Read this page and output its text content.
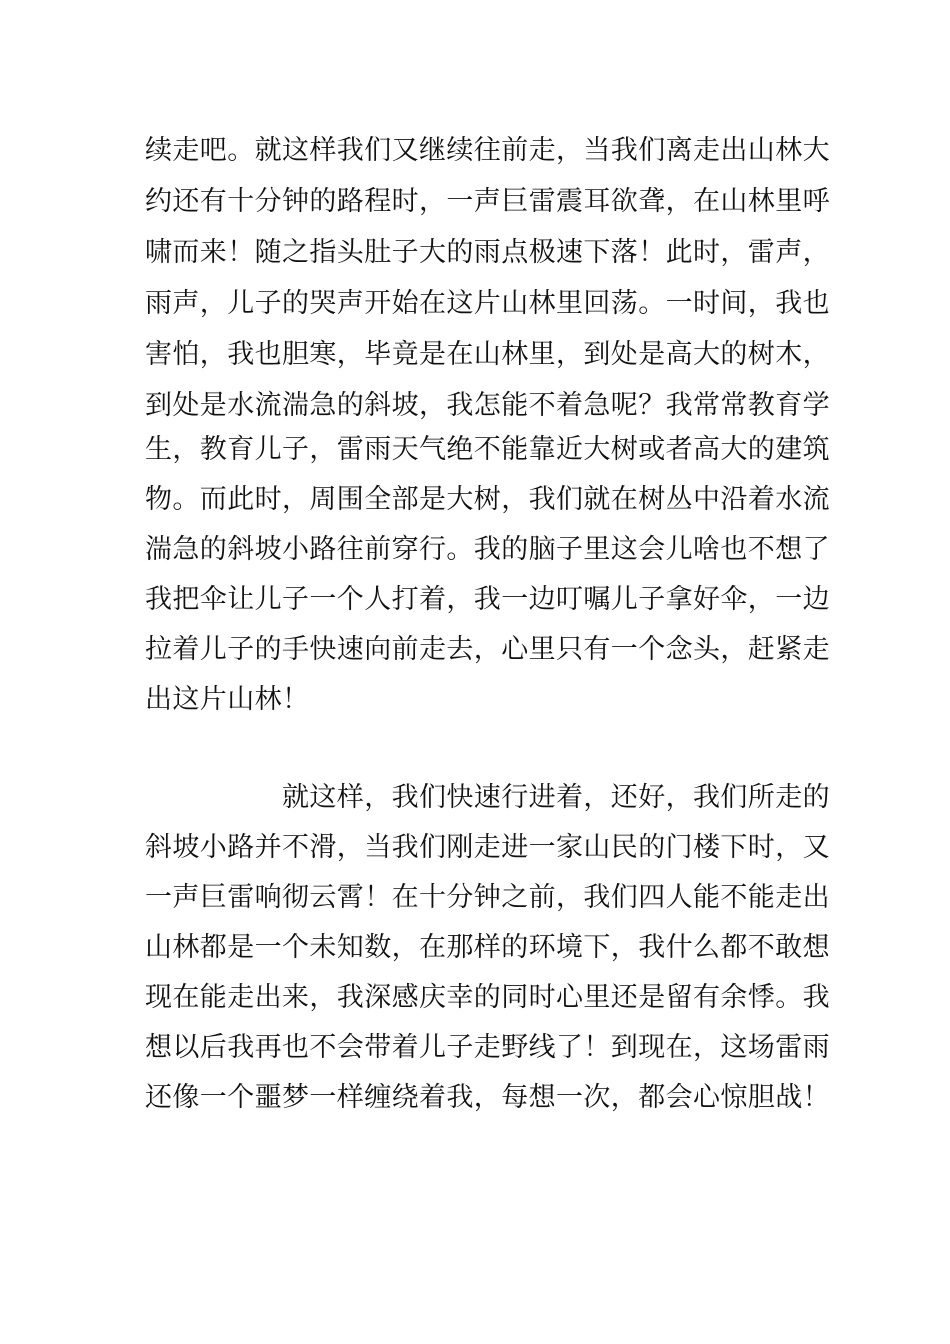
续走吧。就这样我们又继续往前走，当我们离走出山林大
约还有十分钟的路程时，一声巨雷震耳欲聋，在山林里呼
啸而来！随之指头肚子大的雨点极速下落！此时，雷声，
雨声，儿子的哭声开始在这片山林里回荡。一时间，我也
害怕，我也胆寒，毕竟是在山林里，到处是高大的树木，
到处是水流湍急的斜坡，我怎能不着急呢？我常常教育学
生，教育儿子，雷雨天气绝不能靠近大树或者高大的建筑
物。而此时，周围全部是大树，我们就在树丛中沿着水流
湍急的斜坡小路往前穿行。我的脑子里这会儿啥也不想了
我把伞让儿子一个人打着，我一边叮嘱儿子拿好伞，一边
拉着儿子的手快速向前走去，心里只有一个念头，赶紧走
出这片山林！
就这样，我们快速行进着，还好，我们所走的
斜坡小路并不滑，当我们刚走进一家山民的门楼下时，又
一声巨雷响彻云霄！在十分钟之前，我们四人能不能走出
山林都是一个未知数，在那样的环境下，我什么都不敢想
现在能走出来，我深感庆幸的同时心里还是留有余悸。我
想以后我再也不会带着儿子走野线了！到现在，这场雷雨
还像一个噩梦一样缠绕着我，每想一次，都会心惊胆战！
